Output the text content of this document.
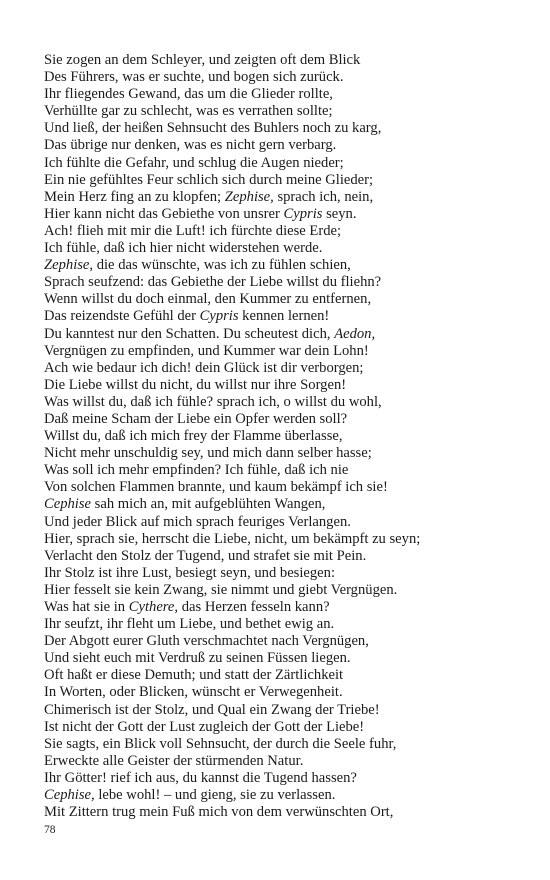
Sie zogen an dem Schleyer, und zeigten oft dem Blick
Des Führers, was er suchte, und bogen sich zurück.
Ihr fliegendes Gewand, das um die Glieder rollte,
Verhüllte gar zu schlecht, was es verrathen sollte;
Und ließ, der heißen Sehnsucht des Buhlers noch zu karg,
Das übrige nur denken, was es nicht gern verbarg.
Ich fühlte die Gefahr, und schlug die Augen nieder;
Ein nie gefühltes Feur schlich sich durch meine Glieder;
Mein Herz fing an zu klopfen; Zephise, sprach ich, nein,
Hier kann nicht das Gebiethe von unsrer Cypris seyn.
Ach! flieh mit mir die Luft! ich fürchte diese Erde;
Ich fühle, daß ich hier nicht widerstehen werde.
Zephise, die das wünschte, was ich zu fühlen schien,
Sprach seufzend: das Gebiethe der Liebe willst du fliehn?
Wenn willst du doch einmal, den Kummer zu entfernen,
Das reizendste Gefühl der Cypris kennen lernen!
Du kanntest nur den Schatten. Du scheutest dich, Aedon,
Vergnügen zu empfinden, und Kummer war dein Lohn!
Ach wie bedaur ich dich! dein Glück ist dir verborgen;
Die Liebe willst du nicht, du willst nur ihre Sorgen!
Was willst du, daß ich fühle? sprach ich, o willst du wohl,
Daß meine Scham der Liebe ein Opfer werden soll?
Willst du, daß ich mich frey der Flamme überlasse,
Nicht mehr unschuldig sey, und mich dann selber hasse;
Was soll ich mehr empfinden? Ich fühle, daß ich nie
Von solchen Flammen brannte, und kaum bekämpf ich sie!
Cephise sah mich an, mit aufgeblühten Wangen,
Und jeder Blick auf mich sprach feuriges Verlangen.
Hier, sprach sie, herrscht die Liebe, nicht, um bekämpft zu seyn;
Verlacht den Stolz der Tugend, und strafet sie mit Pein.
Ihr Stolz ist ihre Lust, besiegt seyn, und besiegen:
Hier fesselt sie kein Zwang, sie nimmt und giebt Vergnügen.
Was hat sie in Cythere, das Herzen fesseln kann?
Ihr seufzt, ihr fleht um Liebe, und bethet ewig an.
Der Abgott eurer Gluth verschmachtet nach Vergnügen,
Und sieht euch mit Verdruß zu seinen Füssen liegen.
Oft haßt er diese Demuth; und statt der Zärtlichkeit
In Worten, oder Blicken, wünscht er Verwegenheit.
Chimerisch ist der Stolz, und Qual ein Zwang der Triebe!
Ist nicht der Gott der Lust zugleich der Gott der Liebe!
Sie sagts, ein Blick voll Sehnsucht, der durch die Seele fuhr,
Erweckte alle Geister der stürmenden Natur.
Ihr Götter! rief ich aus, du kannst die Tugend hassen?
Cephise, lebe wohl! – und gieng, sie zu verlassen.
Mit Zittern trug mein Fuß mich von dem verwünschten Ort,
78
